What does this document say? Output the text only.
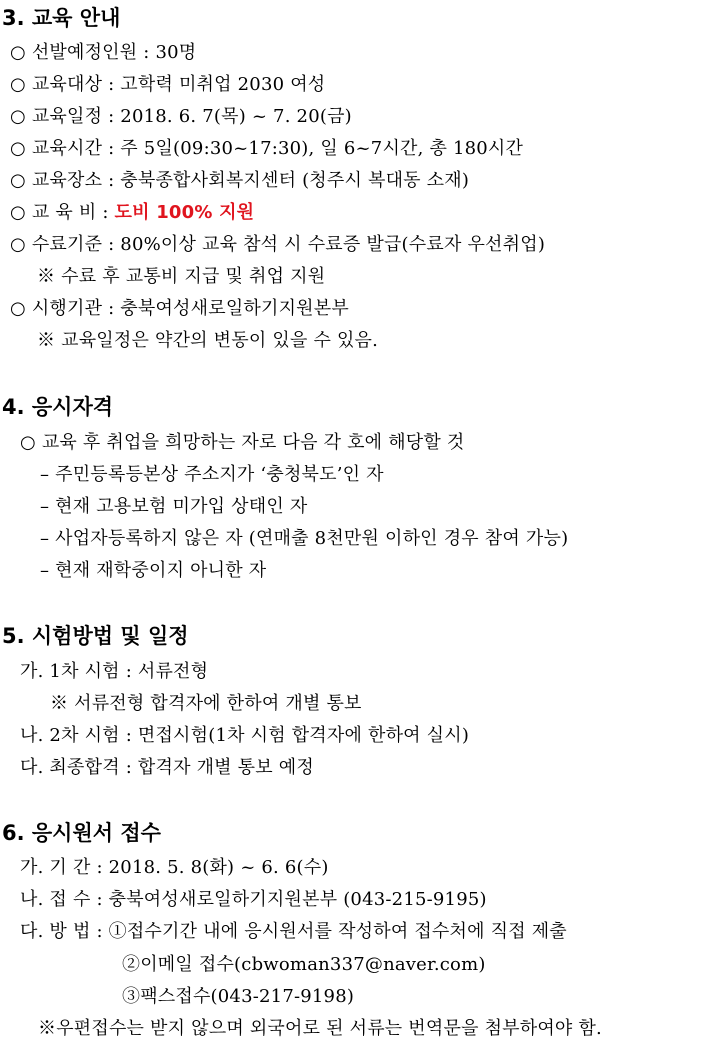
3. 교육 안내
○ 선발예정인원 : 30명
○ 교육대상 : 고학력 미취업 2030 여성
○ 교육일정 : 2018. 6. 7(목) ~ 7. 20(금)
○ 교육시간 : 주 5일(09:30~17:30), 일 6~7시간, 총 180시간
○ 교육장소 : 충북종합사회복지센터 (청주시 복대동 소재)
○ 교 육 비 : 도비 100% 지원
○ 수료기준 : 80%이상 교육 참석 시 수료증 발급(수료자 우선취업)
※ 수료 후 교통비 지급 및 취업 지원
○ 시행기관 : 충북여성새로일하기지원본부
※ 교육일정은 약간의 변동이 있을 수 있음.
4. 응시자격
○ 교육 후 취업을 희망하는 자로 다음 각 호에 해당할 것
– 주민등록등본상 주소지가 ‘충청북도’인 자
– 현재 고용보험 미가입 상태인 자
– 사업자등록하지 않은 자 (연매출 8천만원 이하인 경우 참여 가능)
– 현재 재학중이지 아니한 자
5. 시험방법 및 일정
가. 1차 시험 : 서류전형
※ 서류전형 합격자에 한하여 개별 통보
나. 2차 시험 : 면접시험(1차 시험 합격자에 한하여 실시)
다. 최종합격 : 합격자 개별 통보 예정
6. 응시원서 접수
가. 기 간 : 2018. 5. 8(화) ~ 6. 6(수)
나. 접 수 : 충북여성새로일하기지원본부 (043-215-9195)
다. 방 법 : ①접수기간 내에 응시원서를 작성하여 접수처에 직접 제출
②이메일 접수(cbwoman337@naver.com)
③팩스접수(043-217-9198)
※우편접수는 받지 않으며 외국어로 된 서류는 번역문을 첨부하여야 함.
